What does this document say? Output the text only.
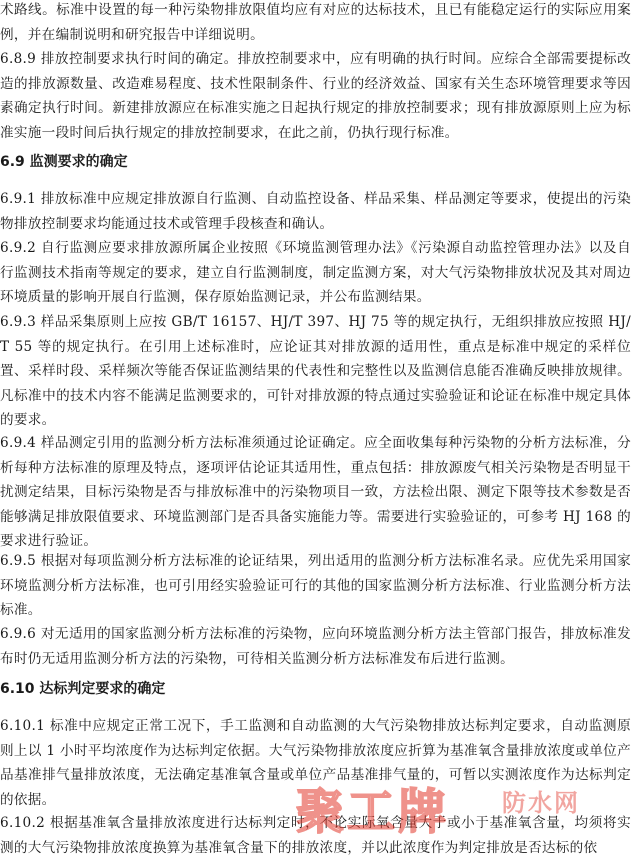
术路线。标准中设置的每一种污染物排放限值均应有对应的达标技术，且已有能稳定运行的实际应用案例，并在编制说明和研究报告中详细说明。

6.8.9 排放控制要求执行时间的确定。排放控制要求中，应有明确的执行时间。应综合全部需要提标改造的排放源数量、改造难易程度、技术性限制条件、行业的经济效益、国家有关生态环境管理要求等因素确定执行时间。新建排放源应在标准实施之日起执行规定的排放控制要求；现有排放源原则上应为标准实施一段时间后执行规定的排放控制要求，在此之前，仍执行现行标准。

6.9 监测要求的确定

6.9.1 排放标准中应规定排放源自行监测、自动监控设备、样品采集、样品测定等要求，使提出的污染物排放控制要求均能通过技术或管理手段核查和确认。

6.9.2 自行监测应要求排放源所属企业按照《环境监测管理办法》《污染源自动监控管理办法》以及自行监测技术指南等规定的要求，建立自行监测制度，制定监测方案，对大气污染物排放状况及其对周边环境质量的影响开展自行监测，保存原始监测记录，并公布监测结果。

6.9.3 样品采集原则上应按 GB/T 16157、HJ/T 397、HJ 75 等的规定执行，无组织排放应按照 HJ/T 55 等的规定执行。在引用上述标准时，应论证其对排放源的适用性，重点是标准中规定的采样位置、采样时段、采样频次等能否保证监测结果的代表性和完整性以及监测信息能否准确反映排放规律。凡标准中的技术内容不能满足监测要求的，可针对排放源的特点通过实验验证和论证在标准中规定具体的要求。

6.9.4 样品测定引用的监测分析方法标准须通过论证确定。应全面收集每种污染物的分析方法标准，分析每种方法标准的原理及特点，逐项评估论证其适用性，重点包括：排放源废气相关污染物是否明显干扰测定结果，目标污染物是否与排放标准中的污染物项目一致，方法检出限、测定下限等技术参数是否能够满足排放限值要求、环境监测部门是否具备实施能力等。需要进行实验验证的，可参考 HJ 168 的要求进行验证。

6.9.5 根据对每项监测分析方法标准的论证结果，列出适用的监测分析方法标准名录。应优先采用国家环境监测分析方法标准，也可引用经实验验证可行的其他的国家监测分析方法标准、行业监测分析方法标准。

6.9.6 对无适用的国家监测分析方法标准的污染物，应向环境监测分析方法主管部门报告，排放标准发布时仍无适用监测分析方法的污染物，可待相关监测分析方法标准发布后进行监测。

6.10 达标判定要求的确定

6.10.1 标准中应规定正常工况下，手工监测和自动监测的大气污染物排放达标判定要求，自动监测原则上以 1 小时平均浓度作为达标判定依据。大气污染物排放浓度应折算为基准氧含量排放浓度或单位产品基准排气量排放浓度，无法确定基准氧含量或单位产品基准排气量的，可暂以实测浓度作为达标判定的依据。

6.10.2 根据基准氧含量排放浓度进行达标判定时，不论实际氧含量大于或小于基准氧含量，均须将实测的大气污染物排放浓度换算为基准氧含量下的排放浓度，并以此浓度作为判定排放是否达标的依

聚工牌 防水网
